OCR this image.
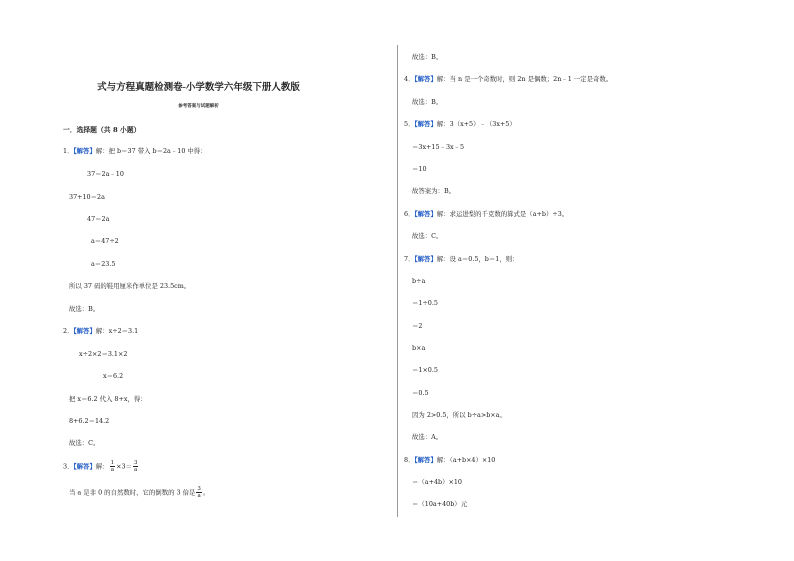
式与方程真题检测卷-小学数学六年级下册人教版
参考答案与试题解析
一．选择题（共 8 小题）
1．【解答】解：把 b＝37 带入 b＝2a﹣10 中得：
37＝2a﹣10
37+10＝2a
47＝2a
a＝47÷2
a＝23.5
所以 37 码的鞋用厘米作单位是 23.5cm。
故选：B。
2．【解答】解：x÷2＝3.1
x÷2×2＝3.1×2
x＝6.2
把 x＝6.2 代入 8+x，得：
8+6.2＝14.2
故选：C。
3．【解答】解： $\frac{1}{a} \times 3= \frac{3}{a}$
当 a 是非 0 的自然数时，它的倒数的 3 倍是 $\frac{3}{a}$ 。
故选：B。
4．【解答】解：当 n 是一个奇数时，则 2n 是偶数；2n﹣1 一定是奇数。
故选：B。
5．【解答】解：3（x+5）﹣（3x+5）
＝3x+15﹣3x﹣5
＝10
故答案为：B。
6．【解答】解：求运进梨的千克数的算式是（a+b）÷3。
故选：C。
7．【解答】解：设 a＝0.5，b＝1，则：
b÷a
＝1÷0.5
＝2
b×a
＝1×0.5
＝0.5
因为 2>0.5，所以 b÷a>b×a。
故选：A。
8．【解答】解：（a+b×4）×10
＝（a+4b）×10
＝（10a+40b）元
